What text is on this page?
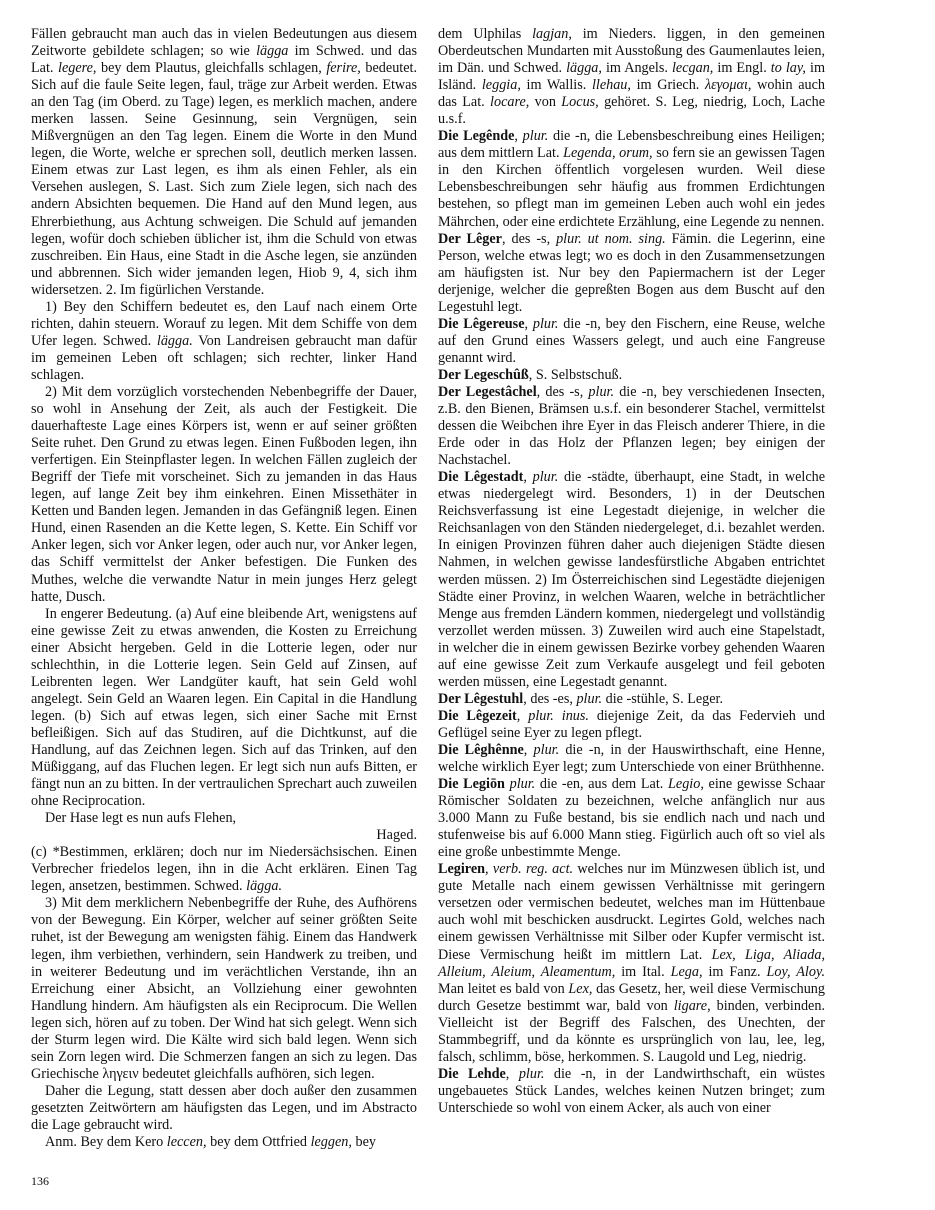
Fällen gebraucht man auch das in vielen Bedeutungen aus diesem Zeitworte gebildete schlagen; so wie lägga im Schwed. und das Lat. legere, bey dem Plautus, gleichfalls schlagen, ferire, bedeutet. Sich auf die faule Seite legen, faul, träge zur Arbeit werden. Etwas an den Tag (im Oberd. zu Tage) legen, es merklich machen, andere merken lassen. Seine Gesinnung, sein Vergnügen, sein Mißvergnügen an den Tag legen. Einem die Worte in den Mund legen, die Worte, welche er sprechen soll, deutlich merken lassen. Einem etwas zur Last legen, es ihm als einen Fehler, als ein Versehen auslegen, S. Last. Sich zum Ziele legen, sich nach des andern Absichten bequemen. Die Hand auf den Mund legen, aus Ehrerbiethung, aus Achtung schweigen. Die Schuld auf jemanden legen, wofür doch schieben üblicher ist, ihm die Schuld von etwas zuschreiben. Ein Haus, eine Stadt in die Asche legen, sie anzünden und abbrennen. Sich wider jemanden legen, Hiob 9, 4, sich ihm widersetzen. 2. Im figürlichen Verstande.

1) Bey den Schiffern bedeutet es, den Lauf nach einem Orte richten, dahin steuern. Worauf zu legen. Mit dem Schiffe von dem Ufer legen. Schwed. lägga. Von Landreisen gebraucht man dafür im gemeinen Leben oft schlagen; sich rechter, linker Hand schlagen.

2) Mit dem vorzüglich vorstechenden Nebenbegriffe der Dauer, so wohl in Ansehung der Zeit, als auch der Festigkeit. Die dauerhafteste Lage eines Körpers ist, wenn er auf seiner größten Seite ruhet. Den Grund zu etwas legen. Einen Fußboden legen, ihn verfertigen. Ein Steinpflaster legen. In welchen Fällen zugleich der Begriff der Tiefe mit vorscheinet. Sich zu jemanden in das Haus legen, auf lange Zeit bey ihm einkehren. Einen Missethäter in Ketten und Banden legen. Jemanden in das Gefängniß legen. Einen Hund, einen Rasenden an die Kette legen, S. Kette. Ein Schiff vor Anker legen, sich vor Anker legen, oder auch nur, vor Anker legen, das Schiff vermittelst der Anker befestigen. Die Funken des Muthes, welche die verwandte Natur in mein junges Herz gelegt hatte, Dusch.

In engerer Bedeutung. (a) Auf eine bleibende Art, wenigstens auf eine gewisse Zeit zu etwas anwenden, die Kosten zu Erreichung einer Absicht hergeben. Geld in die Lotterie legen, oder nur schlechthin, in die Lotterie legen. Sein Geld auf Zinsen, auf Leibrenten legen. Wer Landgüter kauft, hat sein Geld wohl angelegt. Sein Geld an Waaren legen. Ein Capital in die Handlung legen. (b) Sich auf etwas legen, sich einer Sache mit Ernst befleißigen. Sich auf das Studiren, auf die Dichtkunst, auf die Handlung, auf das Zeichnen legen. Sich auf das Trinken, auf den Müßiggang, auf das Fluchen legen. Er legt sich nun aufs Bitten, er fängt nun an zu bitten. In der vertraulichen Sprechart auch zuweilen ohne Reciprocation.

Der Hase legt es nun aufs Flehen,

Haged.

(c) *Bestimmen, erklären; doch nur im Niedersächsischen. Einen Verbrecher friedelos legen, ihn in die Acht erklären. Einen Tag legen, ansetzen, bestimmen. Schwed. lägga.

3) Mit dem merklichern Nebenbegriffe der Ruhe, des Aufhörens von der Bewegung. Ein Körper, welcher auf seiner größten Seite ruhet, ist der Bewegung am wenigsten fähig. Einem das Handwerk legen, ihm verbiethen, verhindern, sein Handwerk zu treiben, und in weiterer Bedeutung und im verächtlichen Verstande, ihn an Erreichung einer Absicht, an Vollziehung einer gewohnten Handlung hindern. Am häufigsten als ein Reciprocum. Die Wellen legen sich, hören auf zu toben. Der Wind hat sich gelegt. Wenn sich der Sturm legen wird. Die Kälte wird sich bald legen. Wenn sich sein Zorn legen wird. Die Schmerzen fangen an sich zu legen. Das Griechische ληγειν bedeutet gleichfalls aufhören, sich legen.

Daher die Legung, statt dessen aber doch außer den zusammen gesetzten Zeitwörtern am häufigsten das Legen, und im Abstracto die Lage gebraucht wird.

Anm. Bey dem Kero leccen, bey dem Ottfried leggen, bey

dem Ulphilas lagjan, im Nieders. liggen, in den gemeinen Oberdeutschen Mundarten mit Ausstoßung des Gaumenlautes leien, im Dän. und Schwed. lägga, im Angels. lecgan, im Engl. to lay, im Isländ. leggia, im Wallis. llehau, im Griech. λεγομαι, wohin auch das Lat. locare, von Locus, gehöret. S. Leg, niedrig, Loch, Lache u.s.f.

Die Legênde, plur. die -n, die Lebensbeschreibung eines Heiligen; aus dem mittlern Lat. Legenda, orum, so fern sie an gewissen Tagen in den Kirchen öffentlich vorgelesen wurden. Weil diese Lebensbeschreibungen sehr häufig aus frommen Erdichtungen bestehen, so pflegt man im gemeinen Leben auch wohl ein jedes Mährchen, oder eine erdichtete Erzählung, eine Legende zu nennen.

Der Lêger, des -s, plur. ut nom. sing. Fämin. die Legerinn, eine Person, welche etwas legt; wo es doch in den Zusammensetzungen am häufigsten ist. Nur bey den Papiermachern ist der Leger derjenige, welcher die gepreßten Bogen aus dem Buscht auf den Legestuhl legt.

Die Lêgereuse, plur. die -n, bey den Fischern, eine Reuse, welche auf den Grund eines Wassers gelegt, und auch eine Fangreuse genannt wird.

Der Legeschûß, S. Selbstschuß.

Der Legestâchel, des -s, plur. die -n, bey verschiedenen Insecten, z.B. den Bienen, Brämsen u.s.f. ein besonderer Stachel, vermittelst dessen die Weibchen ihre Eyer in das Fleisch anderer Thiere, in die Erde oder in das Holz der Pflanzen legen; bey einigen der Nachstachel.

Die Lêgestadt, plur. die -städte, überhaupt, eine Stadt, in welche etwas niedergelegt wird. Besonders, 1) in der Deutschen Reichsverfassung ist eine Legestadt diejenige, in welcher die Reichsanlagen von den Ständen niedergeleget, d.i. bezahlet werden. In einigen Provinzen führen daher auch diejenigen Städte diesen Nahmen, in welchen gewisse landesfürstliche Abgaben entrichtet werden müssen. 2) Im Österreichischen sind Legestädte diejenigen Städte einer Provinz, in welchen Waaren, welche in beträchtlicher Menge aus fremden Ländern kommen, niedergelegt und vollständig verzollet werden müssen. 3) Zuweilen wird auch eine Stapelstadt, in welcher die in einem gewissen Bezirke vorbey gehenden Waaren auf eine gewisse Zeit zum Verkaufe ausgelegt und feil geboten werden müssen, eine Legestadt genannt.

Der Lêgestuhl, des -es, plur. die -stühle, S. Leger.

Die Lêgezeit, plur. inus. diejenige Zeit, da das Federvieh und Geflügel seine Eyer zu legen pflegt.

Die Lêghênne, plur. die -n, in der Hauswirthschaft, eine Henne, welche wirklich Eyer legt; zum Unterschiede von einer Brüthhenne.

Die Legiōn plur. die -en, aus dem Lat. Legio, eine gewisse Schaar Römischer Soldaten zu bezeichnen, welche anfänglich nur aus 3.000 Mann zu Fuße bestand, bis sie endlich nach und nach und stufenweise bis auf 6.000 Mann stieg. Figürlich auch oft so viel als eine große unbestimmte Menge.

Legiren, verb. reg. act. welches nur im Münzwesen üblich ist, und gute Metalle nach einem gewissen Verhältnisse mit geringern versetzen oder vermischen bedeutet, welches man im Hüttenbaue auch wohl mit beschicken ausdruckt. Legirtes Gold, welches nach einem gewissen Verhältnisse mit Silber oder Kupfer vermischt ist. Diese Vermischung heißt im mittlern Lat. Lex, Liga, Aliada, Alleium, Aleium, Aleamentum, im Ital. Lega, im Fanz. Loy, Aloy. Man leitet es bald von Lex, das Gesetz, her, weil diese Vermischung durch Gesetze bestimmt war, bald von ligare, binden, verbinden. Vielleicht ist der Begriff des Falschen, des Unechten, der Stammbegriff, und da könnte es ursprünglich von lau, lee, leg, falsch, schlimm, böse, herkommen. S. Laugold und Leg, niedrig.

Die Lehde, plur. die -n, in der Landwirthschaft, ein wüstes ungebauetes Stück Landes, welches keinen Nutzen bringet; zum Unterschiede so wohl von einem Acker, als auch von einer

136
